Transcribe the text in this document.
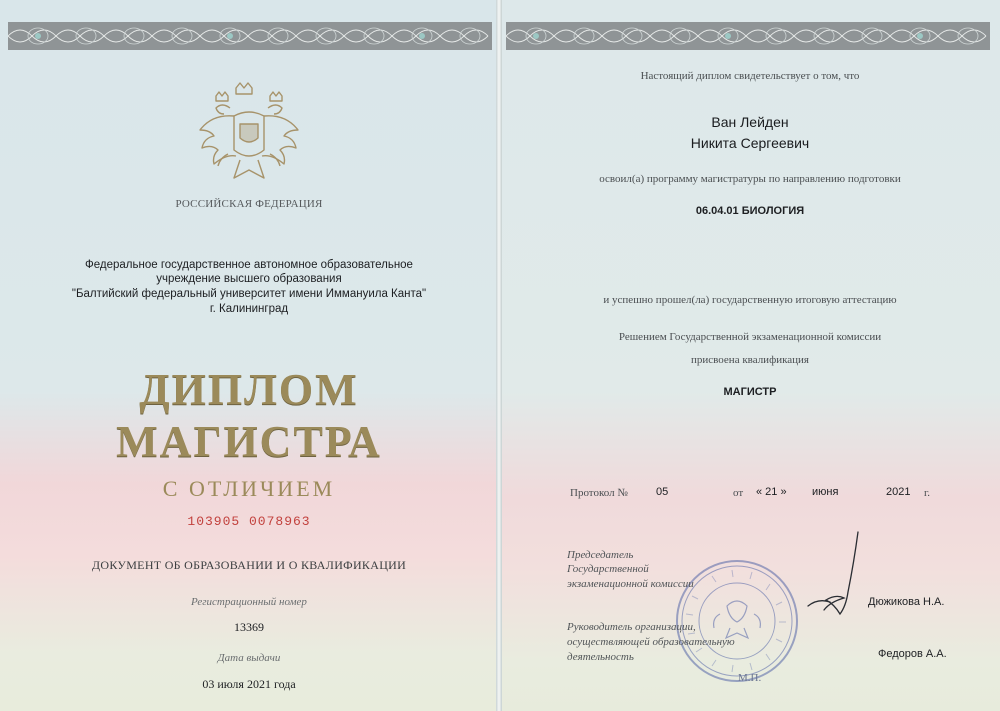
РОССИЙСКАЯ ФЕДЕРАЦИЯ
Федеральное государственное автономное образовательное
учреждение высшего образования
"Балтийский федеральный университет имени Иммануила Канта"
г. Калининград
ДИПЛОМ
МАГИСТРА
С ОТЛИЧИЕМ
103905 0078963
ДОКУМЕНТ ОБ ОБРАЗОВАНИИ И О КВАЛИФИКАЦИИ
Регистрационный номер
13369
Дата выдачи
03 июля 2021 года
Настоящий диплом свидетельствует о том, что
Ван Лейден
Никита Сергеевич
освоил(а) программу магистратуры по направлению подготовки
06.04.01 БИОЛОГИЯ
и успешно прошел(ла) государственную итоговую аттестацию
Решением Государственной экзаменационной комиссии
присвоена квалификация
МАГИСТР
Протокол №	05	от « 21 » июня	2021 г.
М.П.
Председатель
Государственной
экзаменационной комиссии
Дюжикова Н.А.
Руководитель организации,
осуществляющей образовательную
деятельность	Федоров А.А.
